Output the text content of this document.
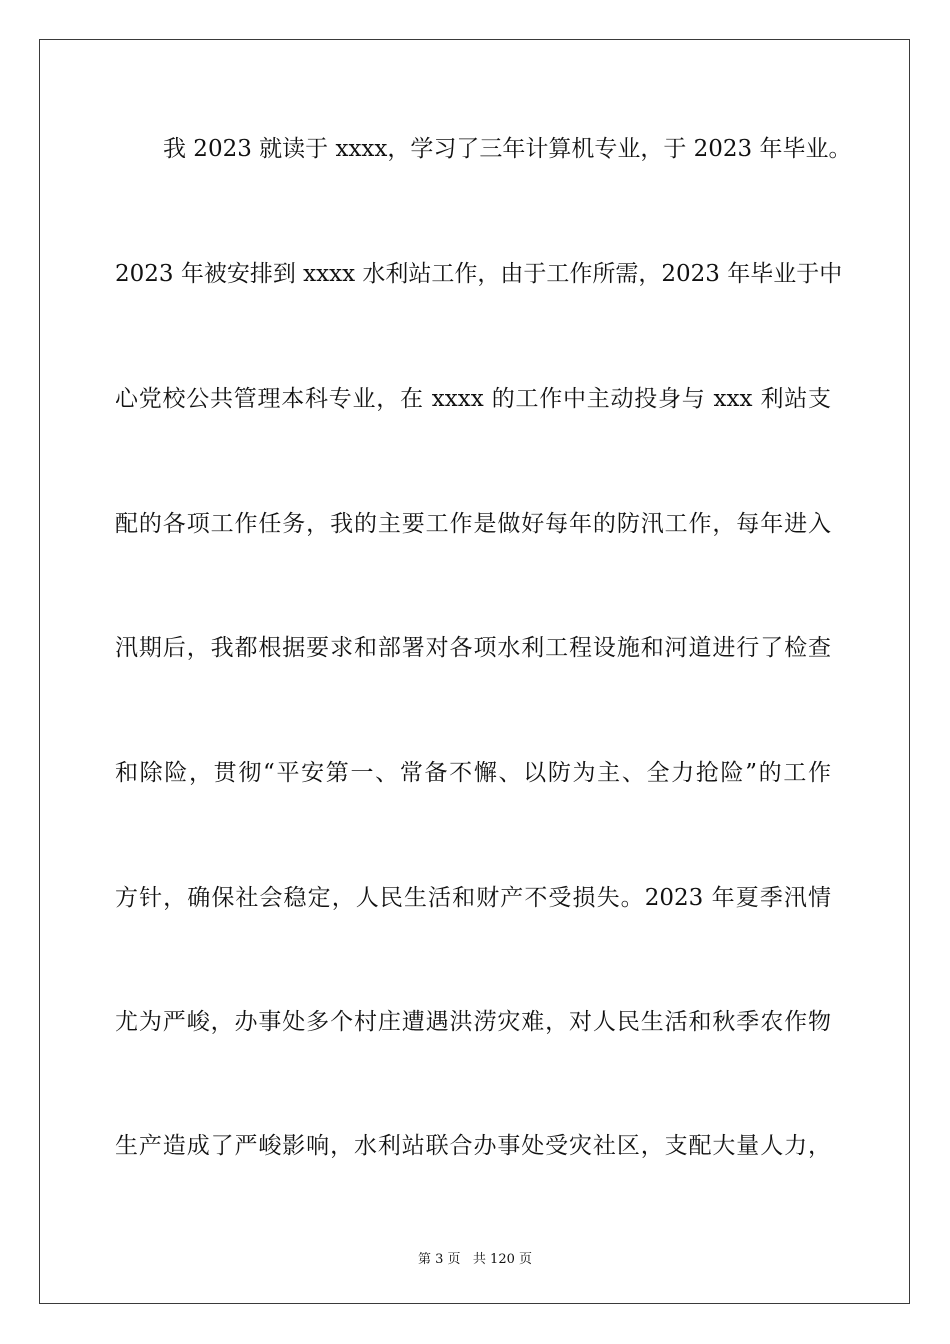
我 2023 就读于 xxxx，学习了三年计算机专业，于 2023 年毕业。
2023 年被安排到 xxxx 水利站工作，由于工作所需，2023 年毕业于中
心党校公共管理本科专业，在 xxxx 的工作中主动投身与 xxx 利站支
配的各项工作任务，我的主要工作是做好每年的防汛工作，每年进入
汛期后，我都根据要求和部署对各项水利工程设施和河道进行了检查
和除险，贯彻“平安第一、常备不懈、以防为主、全力抢险”的工作
方针，确保社会稳定，人民生活和财产不受损失。2023 年夏季汛情
尤为严峻，办事处多个村庄遭遇洪涝灾难，对人民生活和秋季农作物
生产造成了严峻影响，水利站联合办事处受灾社区，支配大量人力，
第 3 页   共 120 页
